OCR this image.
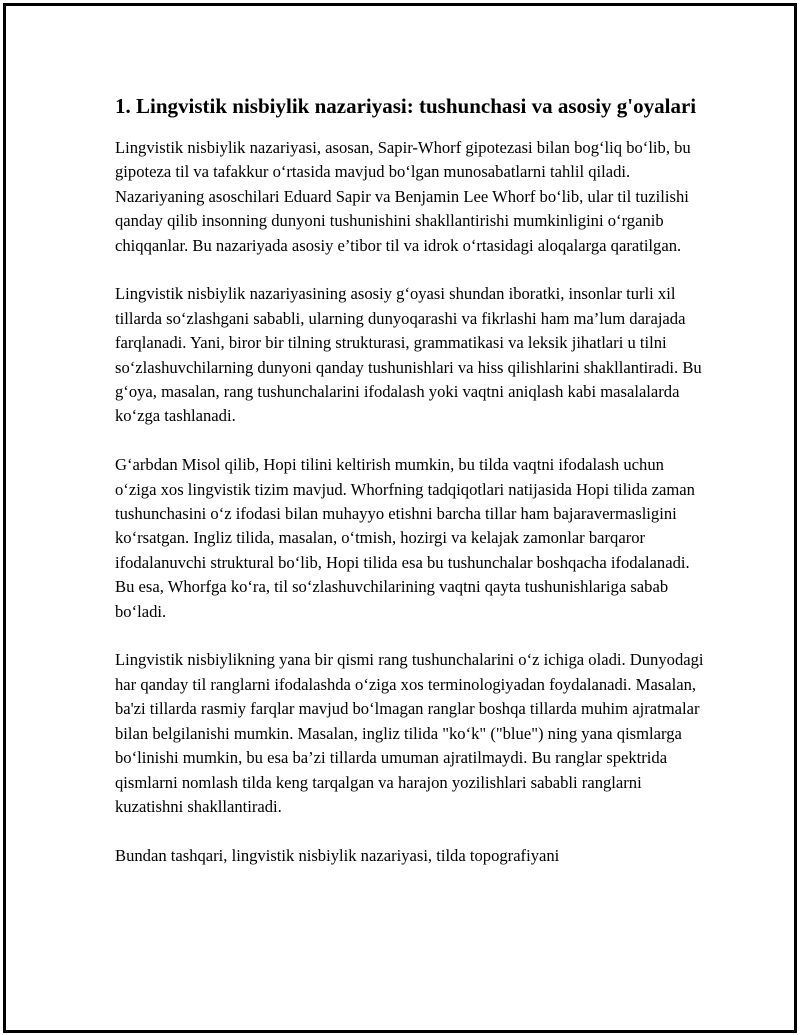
1. Lingvistik nisbiylik nazariyasi: tushunchasi va asosiy g'oyalari

Lingvistik nisbiylik nazariyasi, asosan, Sapir-Whorf gipotezasi bilan bog‘liq bo‘lib, bu gipoteza til va tafakkur o‘rtasida mavjud bo‘lgan munosabatlarni tahlil qiladi. Nazariyaning asoschilari Eduard Sapir va Benjamin Lee Whorf bo‘lib, ular til tuzilishi qanday qilib insonning dunyoni tushunishini shakllantirishi mumkinligini o‘rganib chiqqanlar. Bu nazariyada asosiy e’tibor til va idrok o‘rtasidagi aloqalarga qaratilgan.

Lingvistik nisbiylik nazariyasining asosiy g‘oyasi shundan iboratki, insonlar turli xil tillarda so‘zlashgani sababli, ularning dunyoqarashi va fikrlashi ham ma’lum darajada farqlanadi. Yani, biror bir tilning strukturasi, grammatikasi va leksik jihatlari u tilni so‘zlashuvchilarning dunyoni qanday tushunishlari va hiss qilishlarini shakllantiradi. Bu g‘oya, masalan, rang tushunchalarini ifodalash yoki vaqtni aniqlash kabi masalalarda ko‘zga tashlanadi.

G‘arbdan Misol qilib, Hopi tilini keltirish mumkin, bu tilda vaqtni ifodalash uchun o‘ziga xos lingvistik tizim mavjud. Whorfning tadqiqotlari natijasida Hopi tilida zaman tushunchasini o‘z ifodasi bilan muhayyo etishni barcha tillar ham bajaravermasligini ko‘rsatgan. Ingliz tilida, masalan, o‘tmish, hozirgi va kelajak zamonlar barqaror ifodalanuvchi struktural bo‘lib, Hopi tilida esa bu tushunchalar boshqacha ifodalanadi. Bu esa, Whorfga ko‘ra, til so‘zlashuvchilarining vaqtni qayta tushunishlariga sabab bo‘ladi.

Lingvistik nisbiylikning yana bir qismi rang tushunchalarini o‘z ichiga oladi. Dunyodagi har qanday til ranglarni ifodalashda o‘ziga xos terminologiyadan foydalanadi. Masalan, ba'zi tillarda rasmiy farqlar mavjud bo‘lmagan ranglar boshqa tillarda muhim ajratmalar bilan belgilanishi mumkin. Masalan, ingliz tilida "ko‘k" ("blue") ning yana qismlarga bo‘linishi mumkin, bu esa ba’zi tillarda umuman ajratilmaydi. Bu ranglar spektrida qismlarni nomlash tilda keng tarqalgan va harajon yozilishlari sababli ranglarni kuzatishni shakllantiradi.

Bundan tashqari, lingvistik nisbiylik nazariyasi, tilda topografiyani
